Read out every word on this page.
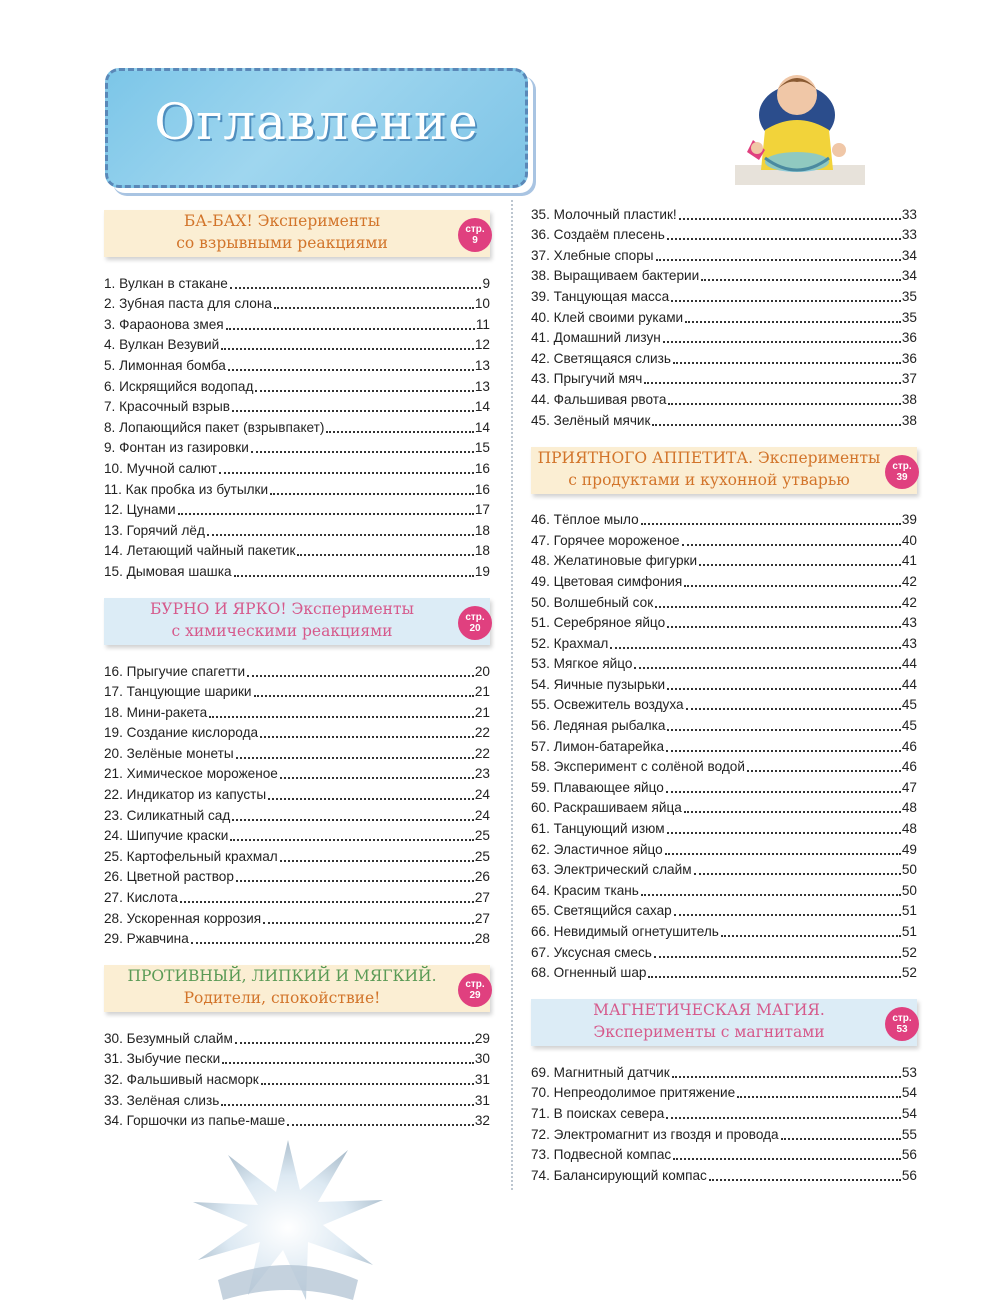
Оглавление
БА-БАХ! Эксперименты
со взрывными реакциями
стр.
9
1. Вулкан в стакане	9
2. Зубная паста для слона	10
3. Фараонова змея	11
4. Вулкан Везувий	12
5. Лимонная бомба	13
6. Искрящийся водопад	13
7. Красочный взрыв	14
8. Лопающийся пакет (взрывпакет)	14
9. Фонтан из газировки	15
10. Мучной салют	16
11. Как пробка из бутылки	16
12. Цунами	17
13. Горячий лёд	18
14. Летающий чайный пакетик	18
15. Дымовая шашка	19
БУРНО И ЯРКО! Эксперименты
с химическими реакциями
стр.
20
16. Прыгучие спагетти	20
17. Танцующие шарики	21
18. Мини-ракета	21
19. Создание кислорода	22
20. Зелёные монеты	22
21. Химическое мороженое	23
22. Индикатор из капусты	24
23. Силикатный сад	24
24. Шипучие краски	25
25. Картофельный крахмал	25
26. Цветной раствор	26
27. Кислота	27
28. Ускоренная коррозия	27
29. Ржавчина	28
ПРОТИВНЫЙ, ЛИПКИЙ И МЯГКИЙ.
Родители, спокойствие!
стр.
29
30. Безумный слайм	29
31. Зыбучие пески	30
32. Фальшивый насморк	31
33. Зелёная слизь	31
34. Горшочки из папье-маше	32
35. Молочный пластик!	33
36. Создаём плесень	33
37. Хлебные споры	34
38. Выращиваем бактерии	34
39. Танцующая масса	35
40. Клей своими руками	35
41. Домашний лизун	36
42. Светящаяся слизь	36
43. Прыгучий мяч	37
44. Фальшивая рвота	38
45. Зелёный мячик	38
ПРИЯТНОГО АППЕТИТА. Эксперименты
с продуктами и кухонной утварью
стр.
39
46. Тёплое мыло	39
47. Горячее мороженое	40
48. Желатиновые фигурки	41
49. Цветовая симфония	42
50. Волшебный сок	42
51. Серебряное яйцо	43
52. Крахмал	43
53. Мягкое яйцо	44
54. Яичные пузырьки	44
55. Освежитель воздуха	45
56. Ледяная рыбалка	45
57. Лимон-батарейка	46
58. Эксперимент с солёной водой	46
59. Плавающее яйцо	47
60. Раскрашиваем яйца	48
61. Танцующий изюм	48
62. Эластичное яйцо	49
63. Электрический слайм	50
64. Красим ткань	50
65. Светящийся сахар	51
66. Невидимый огнетушитель	51
67. Уксусная смесь	52
68. Огненный шар	52
МАГНЕТИЧЕСКАЯ МАГИЯ.
Эксперименты с магнитами
стр.
53
69. Магнитный датчик	53
70. Непреодолимое притяжение	54
71. В поисках севера	54
72. Электромагнит из гвоздя и провода	55
73. Подвесной компас	56
74. Балансирующий компас	56
